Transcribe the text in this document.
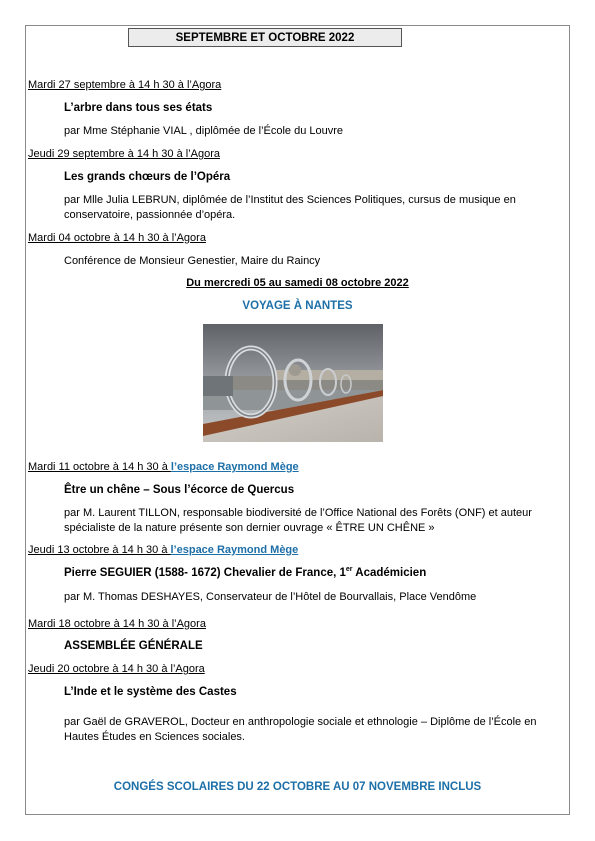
SEPTEMBRE ET OCTOBRE 2022
Mardi 27 septembre à 14 h 30 à l’Agora
L’arbre dans tous ses états
par Mme Stéphanie VIAL , diplômée de l’École du Louvre
Jeudi 29 septembre à 14 h 30 à l’Agora
Les grands chœurs de l’Opéra
par Mlle Julia LEBRUN, diplômée de l’Institut des Sciences Politiques, cursus de musique en conservatoire, passionnée d’opéra.
Mardi 04 octobre à 14 h 30 à l’Agora
Conférence de Monsieur Genestier, Maire du Raincy
Du mercredi 05 au samedi 08 octobre 2022
VOYAGE À NANTES
Mardi 11 octobre à 14 h 30 à l’espace Raymond Mège
Être un chêne – Sous l’écorce de Quercus
par M. Laurent TILLON, responsable biodiversité de l’Office National des Forêts (ONF) et auteur spécialiste de la nature présente son dernier ouvrage « ÊTRE UN CHÊNE »
Jeudi 13 octobre à 14 h 30 à l’espace Raymond Mège
Pierre SEGUIER (1588- 1672) Chevalier de France, 1er Académicien
par M. Thomas DESHAYES, Conservateur de l’Hôtel de Bourvallais, Place Vendôme
Mardi 18 octobre à 14 h 30 à l’Agora
ASSEMBLÉE GÉNÉRALE
Jeudi 20 octobre à 14 h 30 à l’Agora
L’Inde et le système des Castes
par Gaël de GRAVEROL, Docteur en anthropologie sociale et ethnologie – Diplôme de l’École en Hautes Études en Sciences sociales.
CONGÉS SCOLAIRES DU 22 OCTOBRE AU 07 NOVEMBRE INCLUS
